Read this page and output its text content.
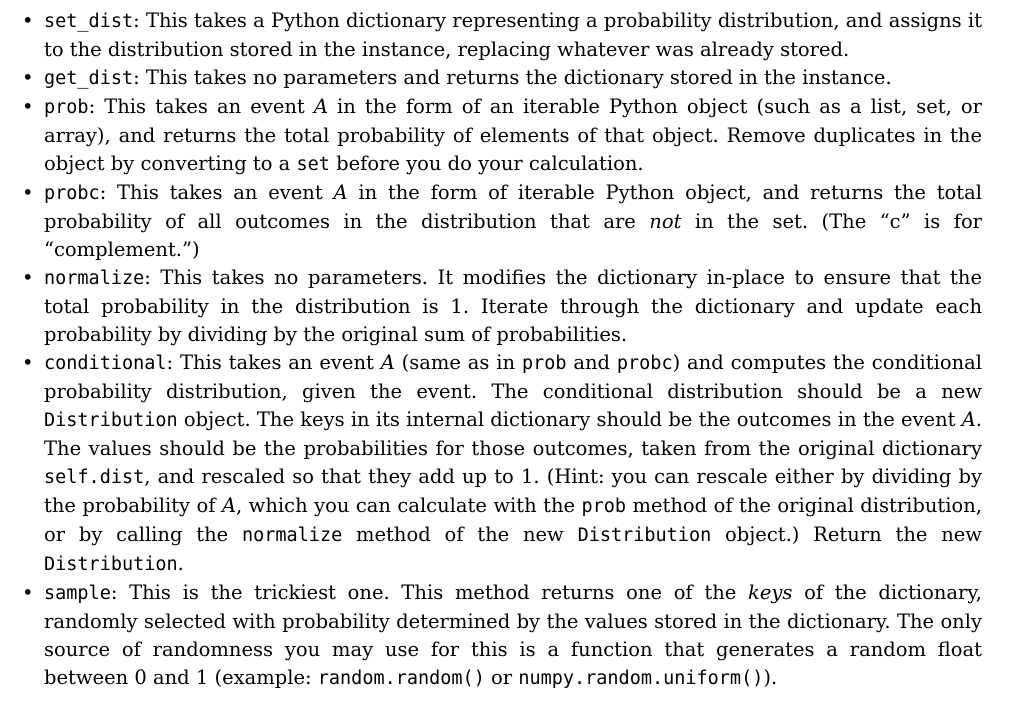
• set_dist: This takes a Python dictionary representing a probability distribution, and assigns it to the distribution stored in the instance, replacing whatever was already stored.
• get_dist: This takes no parameters and returns the dictionary stored in the instance.
• prob: This takes an event A in the form of an iterable Python object (such as a list, set, or array), and returns the total probability of elements of that object. Remove duplicates in the object by converting to a set before you do your calculation.
• probc: This takes an event A in the form of iterable Python object, and returns the total probability of all outcomes in the distribution that are not in the set. (The “c” is for “complement.”)
• normalize: This takes no parameters. It modifies the dictionary in-place to ensure that the total probability in the distribution is 1. Iterate through the dictionary and update each probability by dividing by the original sum of probabilities.
• conditional: This takes an event A (same as in prob and probc) and computes the conditional probability distribution, given the event. The conditional distribution should be a new Distribution object. The keys in its internal dictionary should be the outcomes in the event A. The values should be the probabilities for those outcomes, taken from the original dictionary self.dist, and rescaled so that they add up to 1. (Hint: you can rescale either by dividing by the probability of A, which you can calculate with the prob method of the original distribution, or by calling the normalize method of the new Distribution object.) Return the new Distribution.
• sample: This is the trickiest one. This method returns one of the keys of the dictionary, randomly selected with probability determined by the values stored in the dictionary. The only source of randomness you may use for this is a function that generates a random float between 0 and 1 (example: random.random() or numpy.random.uniform()).
